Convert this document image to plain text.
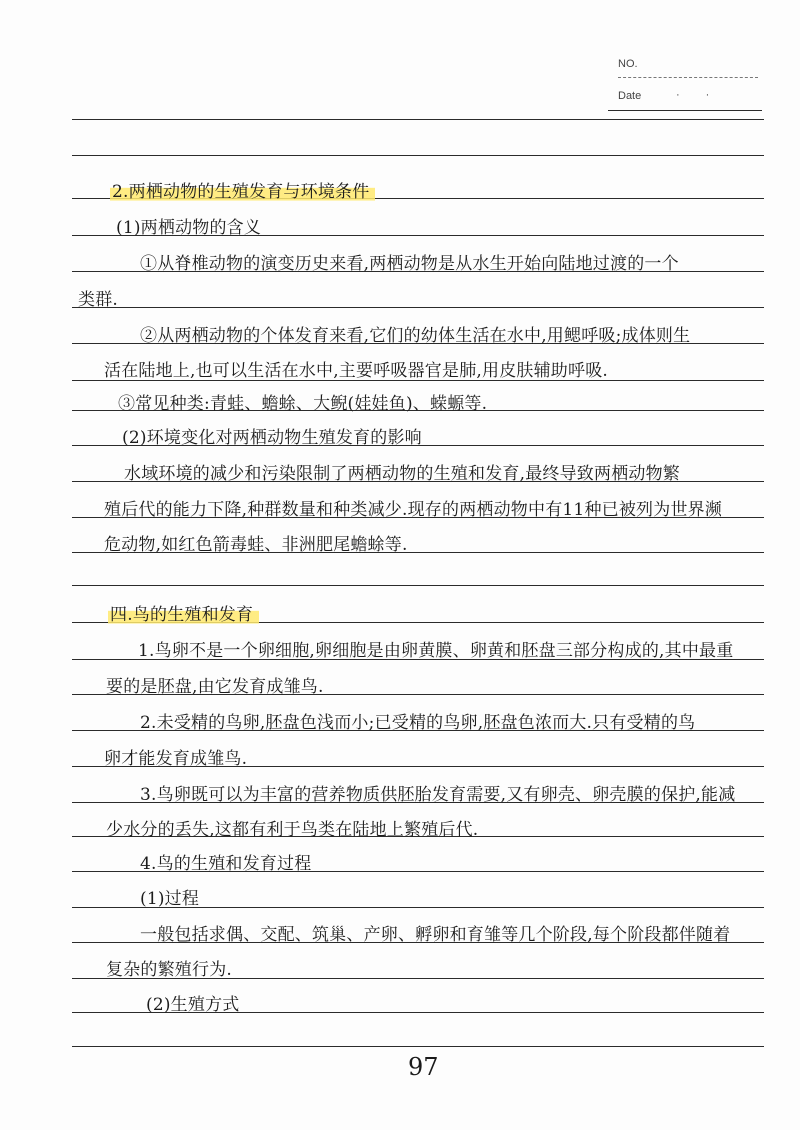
NO.
Date	··
2.两栖动物的生殖发育与环境条件
(1)两栖动物的含义
①从脊椎动物的演变历史来看,两栖动物是从水生开始向陆地过渡的一个
类群.
②从两栖动物的个体发育来看,它们的幼体生活在水中,用鳃呼吸;成体则生
活在陆地上,也可以生活在水中,主要呼吸器官是肺,用皮肤辅助呼吸.
③常见种类:青蛙、蟾蜍、大鲵(娃娃鱼)、蝾螈等.
(2)环境变化对两栖动物生殖发育的影响
水域环境的减少和污染限制了两栖动物的生殖和发育,最终导致两栖动物繁
殖后代的能力下降,种群数量和种类减少.现存的两栖动物中有11种已被列为世界濒
危动物,如红色箭毒蛙、非洲肥尾蟾蜍等.
四.鸟的生殖和发育
1.鸟卵不是一个卵细胞,卵细胞是由卵黄膜、卵黄和胚盘三部分构成的,其中最重
要的是胚盘,由它发育成雏鸟.
2.未受精的鸟卵,胚盘色浅而小;已受精的鸟卵,胚盘色浓而大.只有受精的鸟
卵才能发育成雏鸟.
3.鸟卵既可以为丰富的营养物质供胚胎发育需要,又有卵壳、卵壳膜的保护,能减
少水分的丢失,这都有利于鸟类在陆地上繁殖后代.
4.鸟的生殖和发育过程
(1)过程
一般包括求偶、交配、筑巢、产卵、孵卵和育雏等几个阶段,每个阶段都伴随着
复杂的繁殖行为.
(2)生殖方式
97
